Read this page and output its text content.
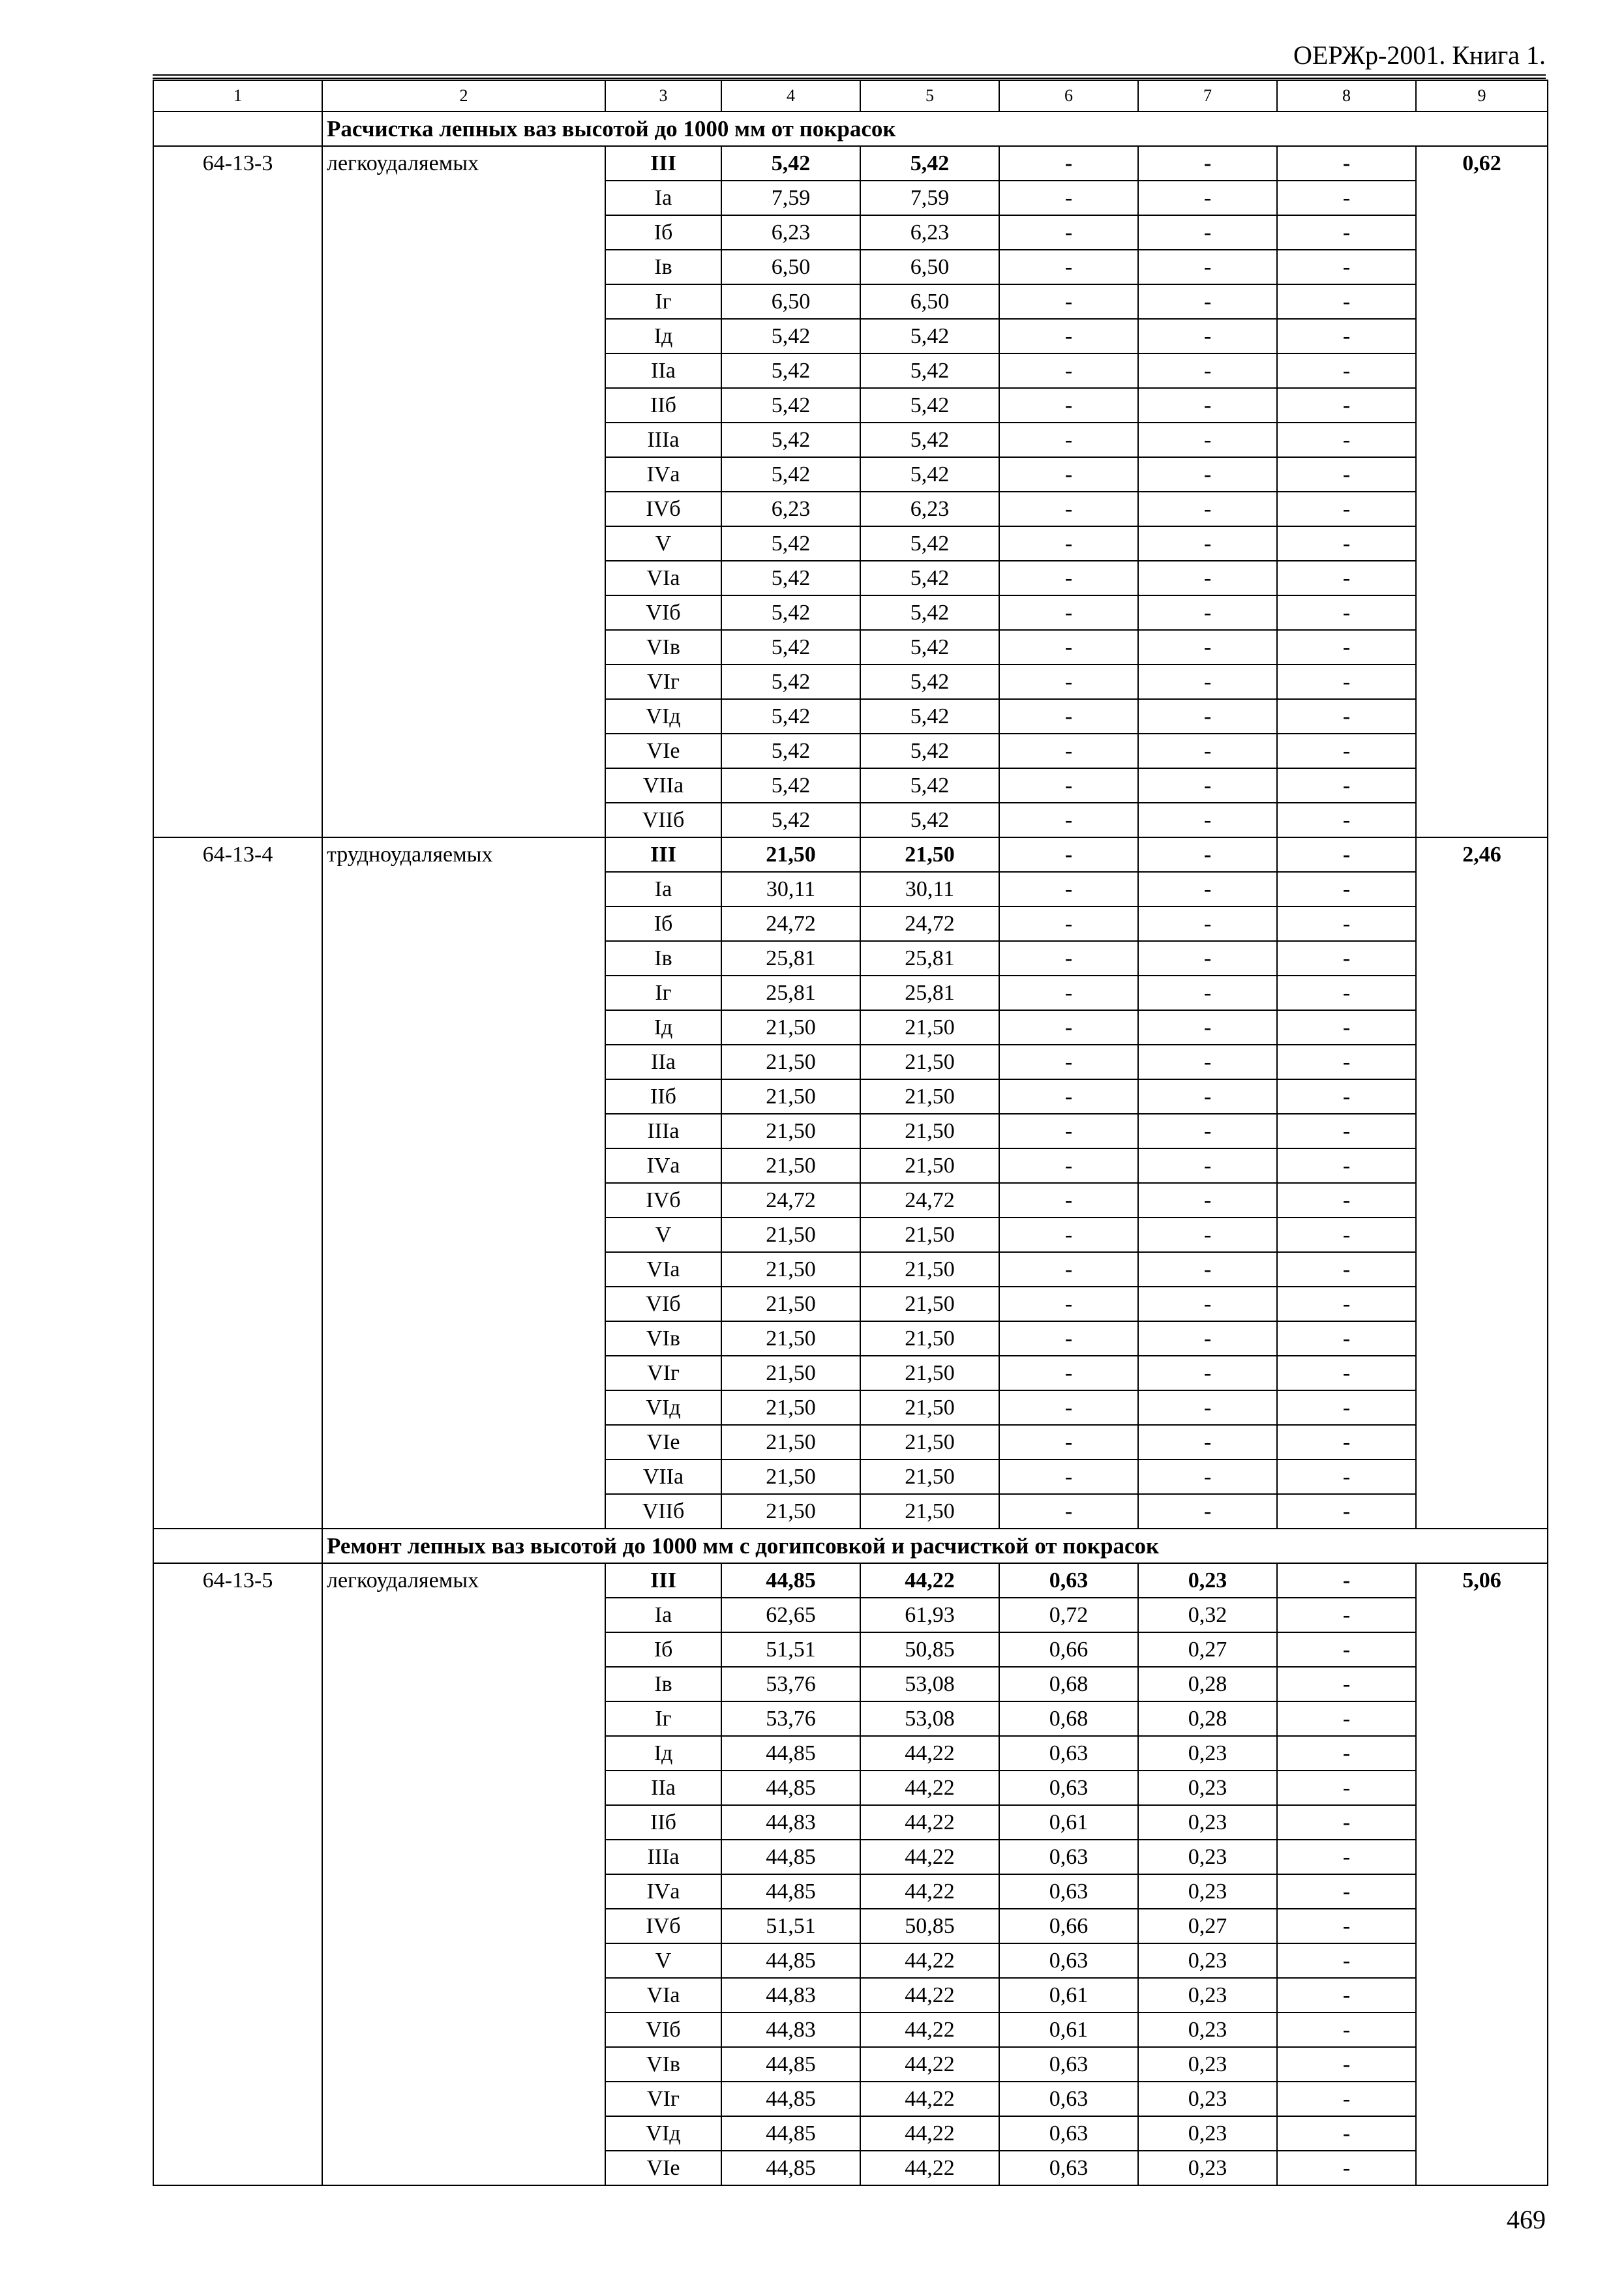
ОЕРЖр-2001. Книга 1.
1	2	3	4	5	6	7	8	9
	Расчистка лепных ваз высотой до 1000 мм от покрасок							
64-13-3	легкоудаляемых	III	5,42	5,42	-	-	-	0,62
		Iа	7,59	7,59	-	-	-	
		Iб	6,23	6,23	-	-	-	
		Iв	6,50	6,50	-	-	-	
		Iг	6,50	6,50	-	-	-	
		Iд	5,42	5,42	-	-	-	
		IIа	5,42	5,42	-	-	-	
		IIб	5,42	5,42	-	-	-	
		IIIа	5,42	5,42	-	-	-	
		IVа	5,42	5,42	-	-	-	
		IVб	6,23	6,23	-	-	-	
		V	5,42	5,42	-	-	-	
		VIа	5,42	5,42	-	-	-	
		VIб	5,42	5,42	-	-	-	
		VIв	5,42	5,42	-	-	-	
		VIг	5,42	5,42	-	-	-	
		VIд	5,42	5,42	-	-	-	
		VIе	5,42	5,42	-	-	-	
		VIIа	5,42	5,42	-	-	-	
		VIIб	5,42	5,42	-	-	-	
64-13-4	трудноудаляемых	III	21,50	21,50	-	-	-	2,46
		Iа	30,11	30,11	-	-	-	
		Iб	24,72	24,72	-	-	-	
		Iв	25,81	25,81	-	-	-	
		Iг	25,81	25,81	-	-	-	
		Iд	21,50	21,50	-	-	-	
		IIа	21,50	21,50	-	-	-	
		IIб	21,50	21,50	-	-	-	
		IIIа	21,50	21,50	-	-	-	
		IVа	21,50	21,50	-	-	-	
		IVб	24,72	24,72	-	-	-	
		V	21,50	21,50	-	-	-	
		VIа	21,50	21,50	-	-	-	
		VIб	21,50	21,50	-	-	-	
		VIв	21,50	21,50	-	-	-	
		VIг	21,50	21,50	-	-	-	
		VIд	21,50	21,50	-	-	-	
		VIе	21,50	21,50	-	-	-	
		VIIа	21,50	21,50	-	-	-	
		VIIб	21,50	21,50	-	-	-	
	Ремонт лепных ваз высотой до 1000 мм с догипсовкой и расчисткой от покрасок							
64-13-5	легкоудаляемых	III	44,85	44,22	0,63	0,23	-	5,06
		Iа	62,65	61,93	0,72	0,32	-	
		Iб	51,51	50,85	0,66	0,27	-	
		Iв	53,76	53,08	0,68	0,28	-	
		Iг	53,76	53,08	0,68	0,28	-	
		Iд	44,85	44,22	0,63	0,23	-	
		IIа	44,85	44,22	0,63	0,23	-	
		IIб	44,83	44,22	0,61	0,23	-	
		IIIа	44,85	44,22	0,63	0,23	-	
		IVа	44,85	44,22	0,63	0,23	-	
		IVб	51,51	50,85	0,66	0,27	-	
		V	44,85	44,22	0,63	0,23	-	
		VIа	44,83	44,22	0,61	0,23	-	
		VIб	44,83	44,22	0,61	0,23	-	
		VIв	44,85	44,22	0,63	0,23	-	
		VIг	44,85	44,22	0,63	0,23	-	
		VIд	44,85	44,22	0,63	0,23	-	
		VIе	44,85	44,22	0,63	0,23	-	
469
